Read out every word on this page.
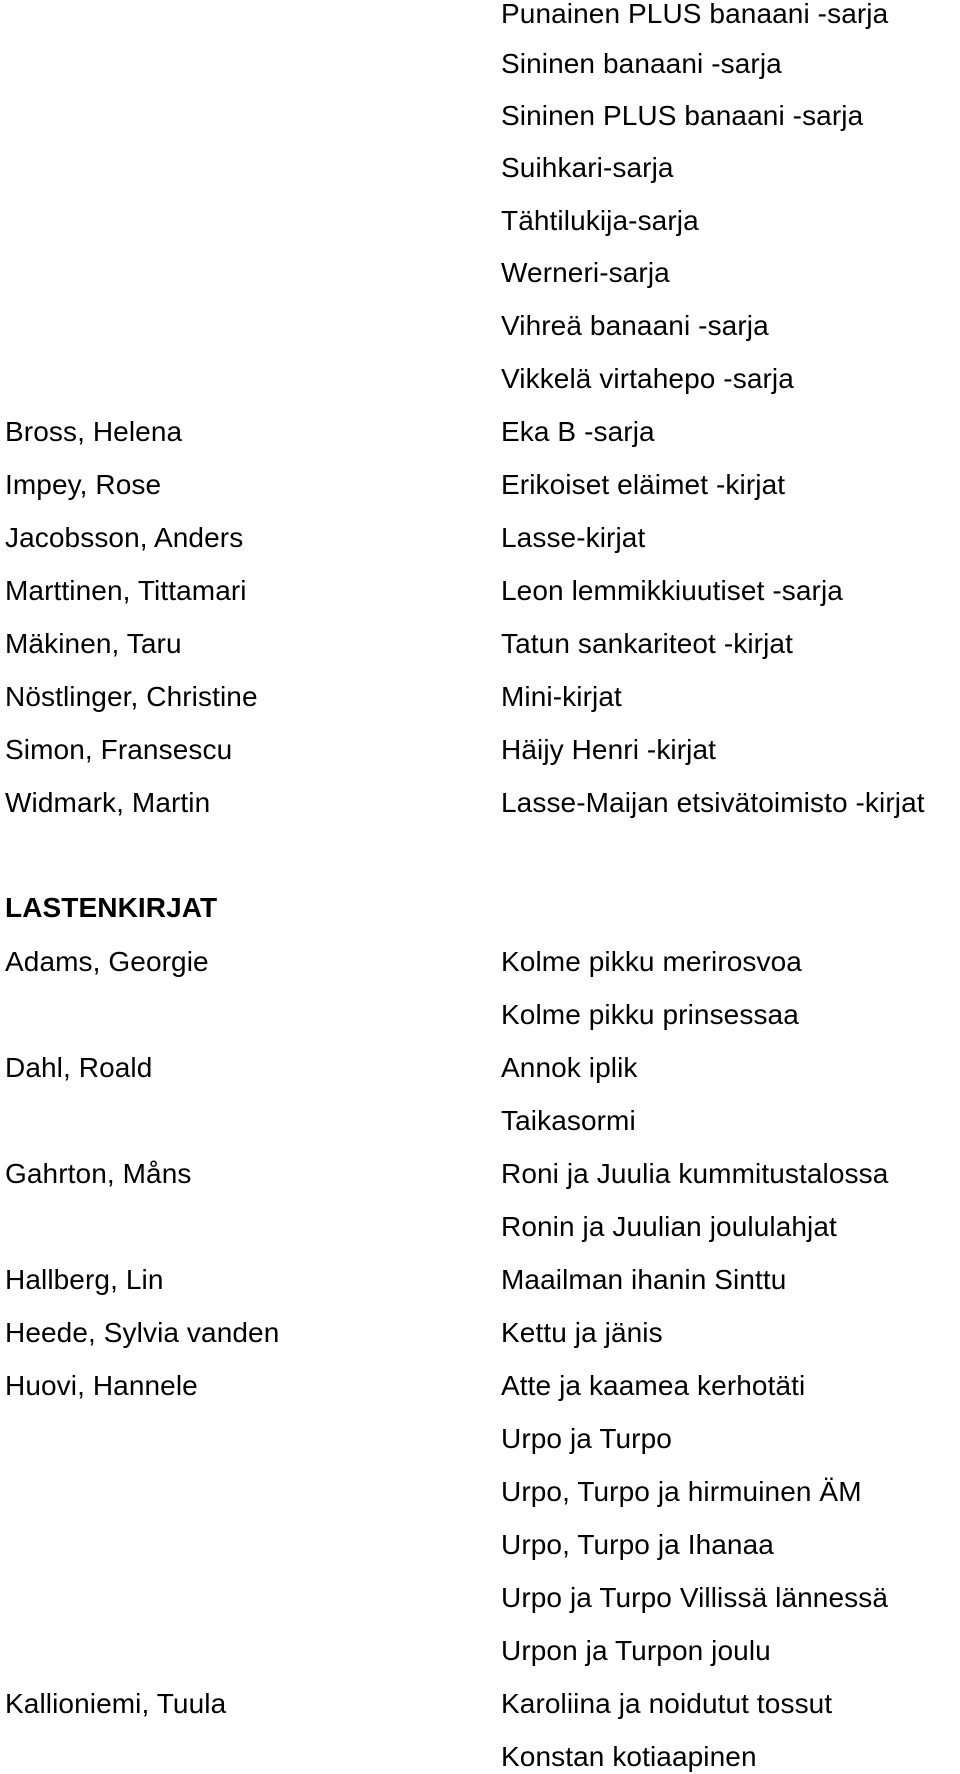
Punainen PLUS banaani -sarja
Sininen banaani -sarja
Sininen PLUS banaani -sarja
Suihkari-sarja
Tähtilukija-sarja
Werneri-sarja
Vihreä banaani -sarja
Vikkelä virtahepo -sarja
Bross, Helena	Eka B -sarja
Impey, Rose	Erikoiset eläimet -kirjat
Jacobsson, Anders	Lasse-kirjat
Marttinen, Tittamari	Leon lemmikkiuutiset -sarja
Mäkinen, Taru	Tatun sankariteot -kirjat
Nöstlinger, Christine	Mini-kirjat
Simon, Fransescu	Häijy Henri -kirjat
Widmark, Martin	Lasse-Maijan etsivätoimisto -kirjat
LASTENKIRJAT
Adams, Georgie	Kolme pikku merirosvoa
Kolme pikku prinsessaa
Dahl, Roald	Annok iplik
Taikasormi
Gahrton, Måns	Roni ja Juulia kummitustalossa
Ronin ja Juulian joululahjat
Hallberg, Lin	Maailman ihanin Sinttu
Heede, Sylvia vanden	Kettu ja jänis
Huovi, Hannele	Atte ja kaamea kerhotäti
Urpo ja Turpo
Urpo, Turpo ja hirmuinen ÄM
Urpo, Turpo ja Ihanaa
Urpo ja Turpo Villissä lännessä
Urpon ja Turpon joulu
Kallioniemi, Tuula	Karoliina ja noidutut tossut
Konstan kotiaapinen
